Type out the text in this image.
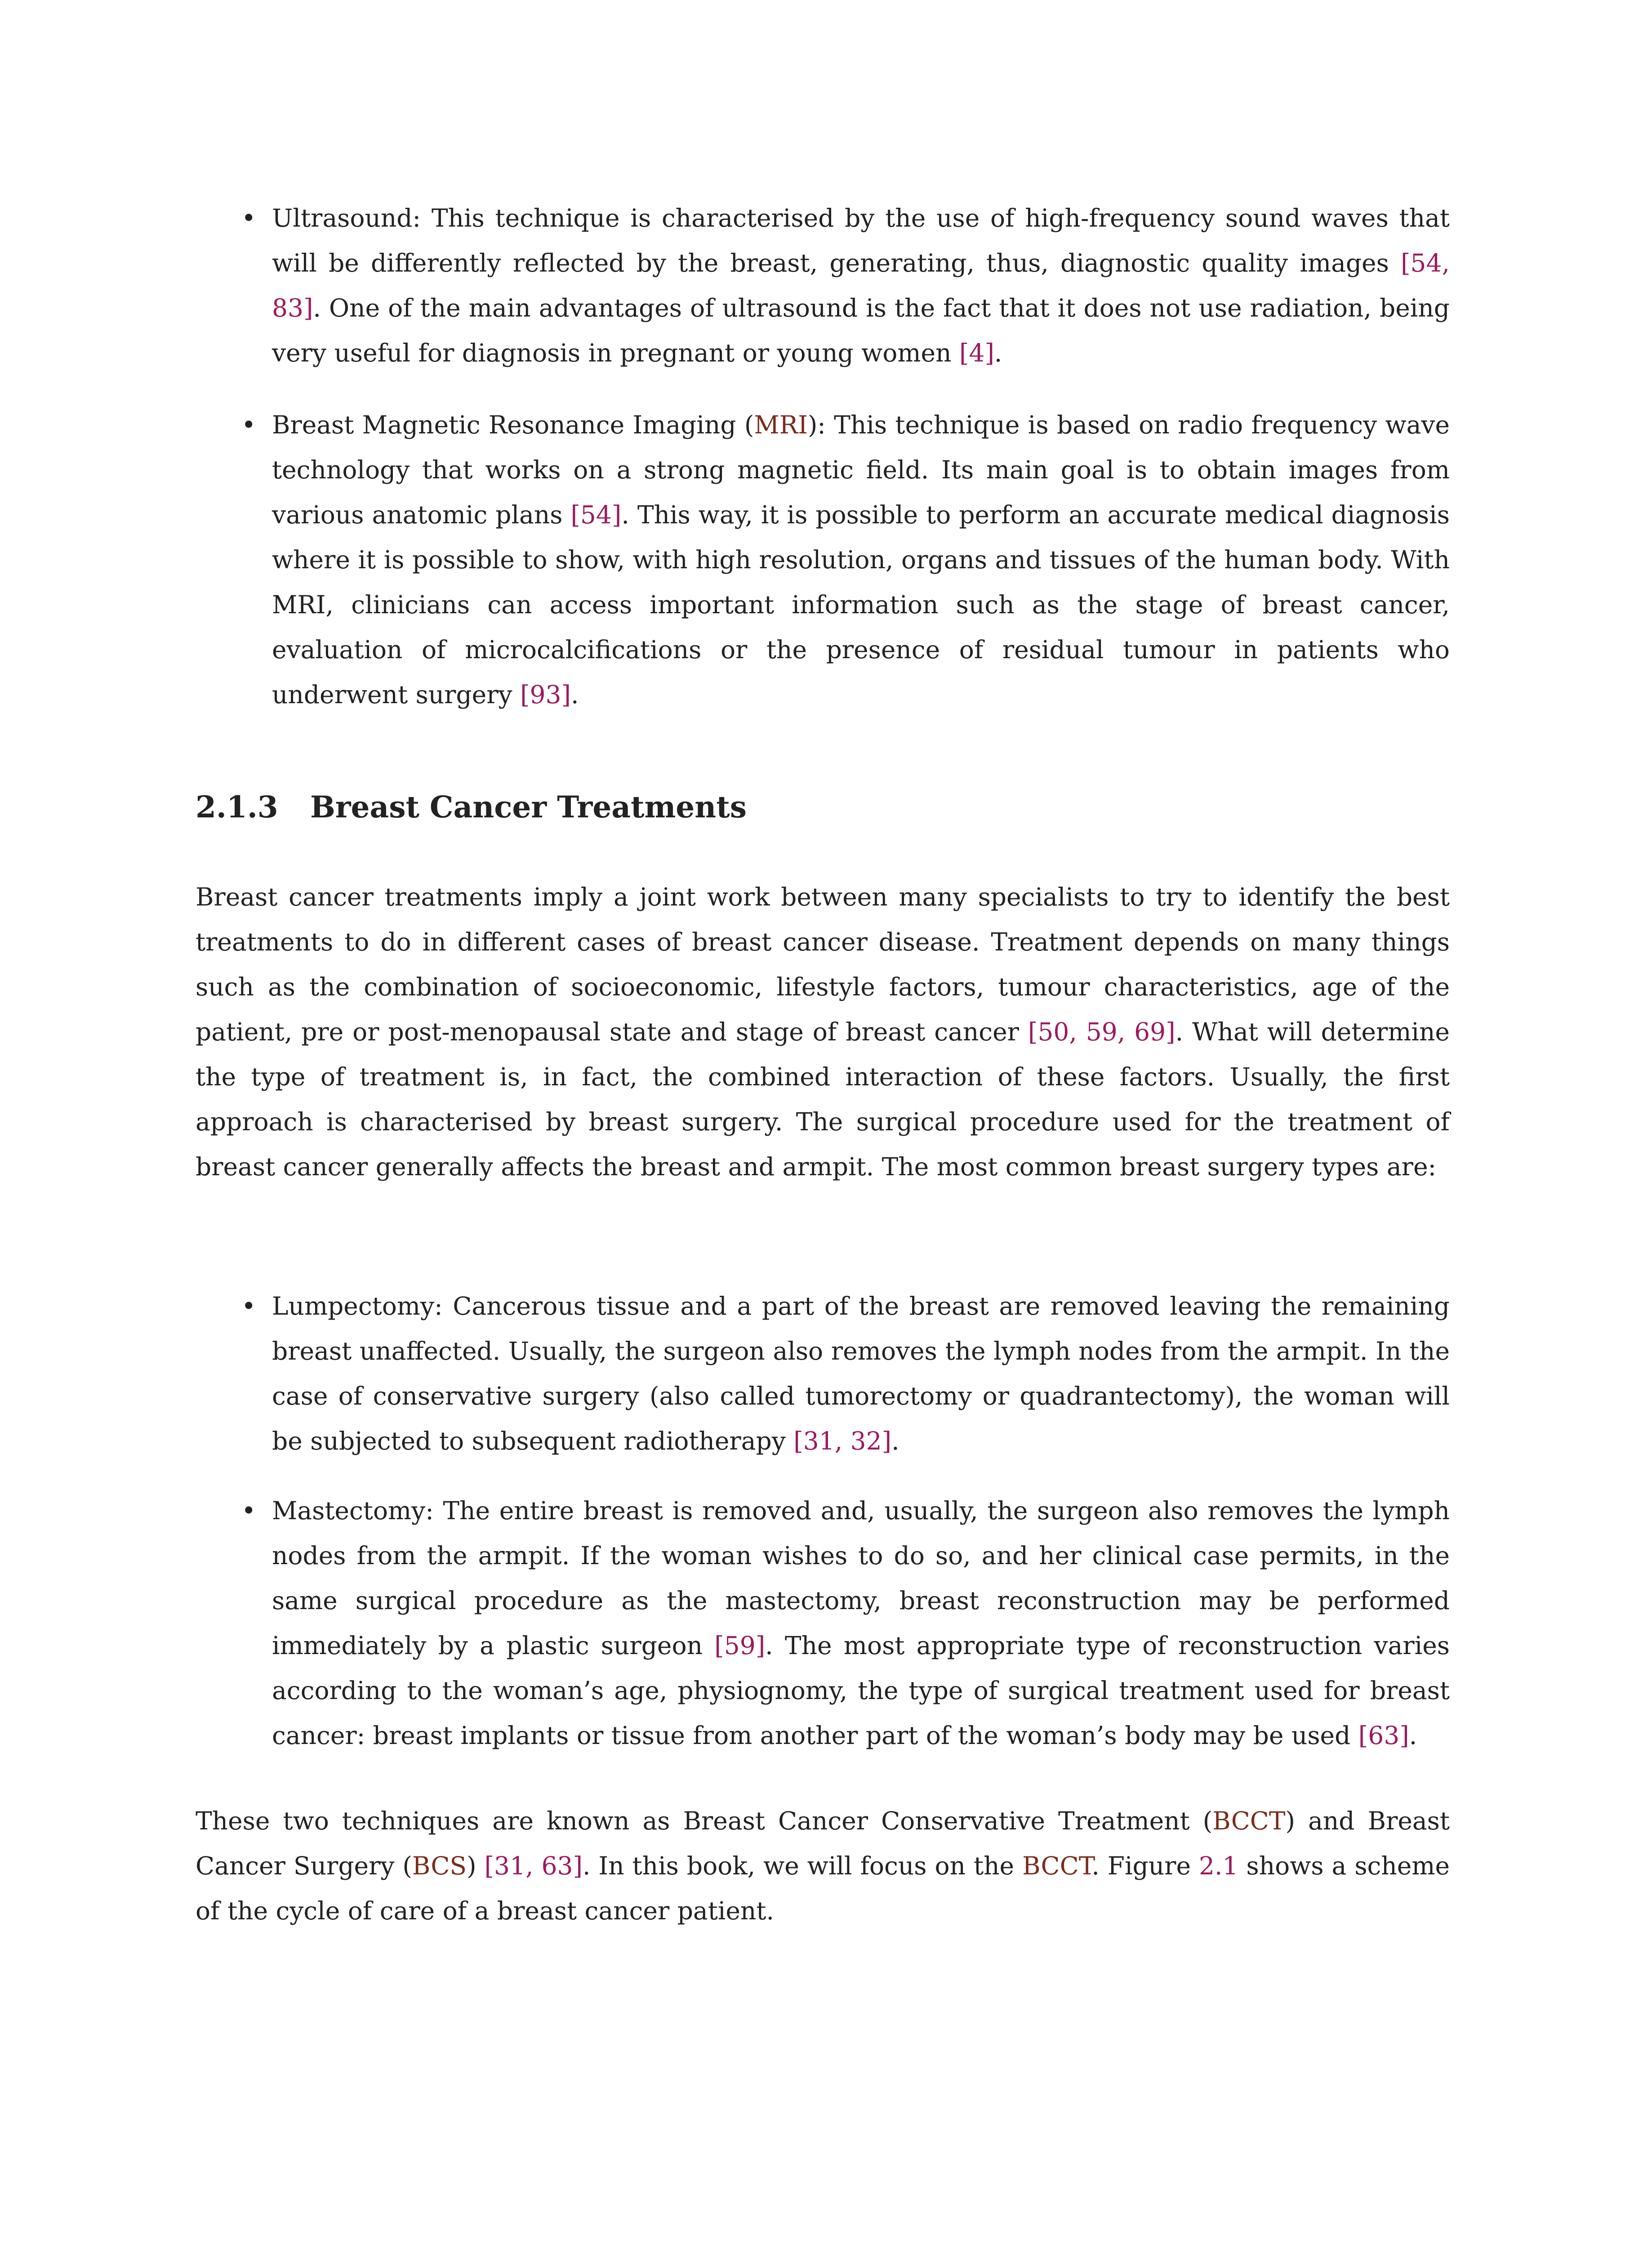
• Ultrasound: This technique is characterised by the use of high-frequency sound waves that will be differently reflected by the breast, generating, thus, diagnostic quality images [54, 83]. One of the main advantages of ultrasound is the fact that it does not use radiation, being very useful for diagnosis in pregnant or young women [4].
• Breast Magnetic Resonance Imaging (MRI): This technique is based on radio frequency wave technology that works on a strong magnetic field. Its main goal is to obtain images from various anatomic plans [54]. This way, it is possible to perform an accurate medical diagnosis where it is possible to show, with high resolution, organs and tissues of the human body. With MRI, clinicians can access important information such as the stage of breast cancer, evaluation of microcalcifications or the presence of residual tumour in patients who underwent surgery [93].
2.1.3 Breast Cancer Treatments

Breast cancer treatments imply a joint work between many specialists to try to identify the best treatments to do in different cases of breast cancer disease. Treatment depends on many things such as the combination of socioeconomic, lifestyle factors, tumour characteristics, age of the patient, pre or post-menopausal state and stage of breast cancer [50, 59, 69]. What will determine the type of treatment is, in fact, the combined interaction of these factors. Usually, the first approach is characterised by breast surgery. The surgical procedure used for the treatment of breast cancer generally affects the breast and armpit. The most common breast surgery types are:

• Lumpectomy: Cancerous tissue and a part of the breast are removed leaving the remaining breast unaffected. Usually, the surgeon also removes the lymph nodes from the armpit. In the case of conservative surgery (also called tumorectomy or quadrantectomy), the woman will be subjected to subsequent radiotherapy [31, 32].
• Mastectomy: The entire breast is removed and, usually, the surgeon also removes the lymph nodes from the armpit. If the woman wishes to do so, and her clinical case permits, in the same surgical procedure as the mastectomy, breast reconstruction may be performed immediately by a plastic surgeon [59]. The most appropriate type of reconstruction varies according to the woman’s age, physiognomy, the type of surgical treatment used for breast cancer: breast implants or tissue from another part of the woman’s body may be used [63].

These two techniques are known as Breast Cancer Conservative Treatment (BCCT) and Breast Cancer Surgery (BCS) [31, 63]. In this book, we will focus on the BCCT. Figure 2.1 shows a scheme of the cycle of care of a breast cancer patient.
